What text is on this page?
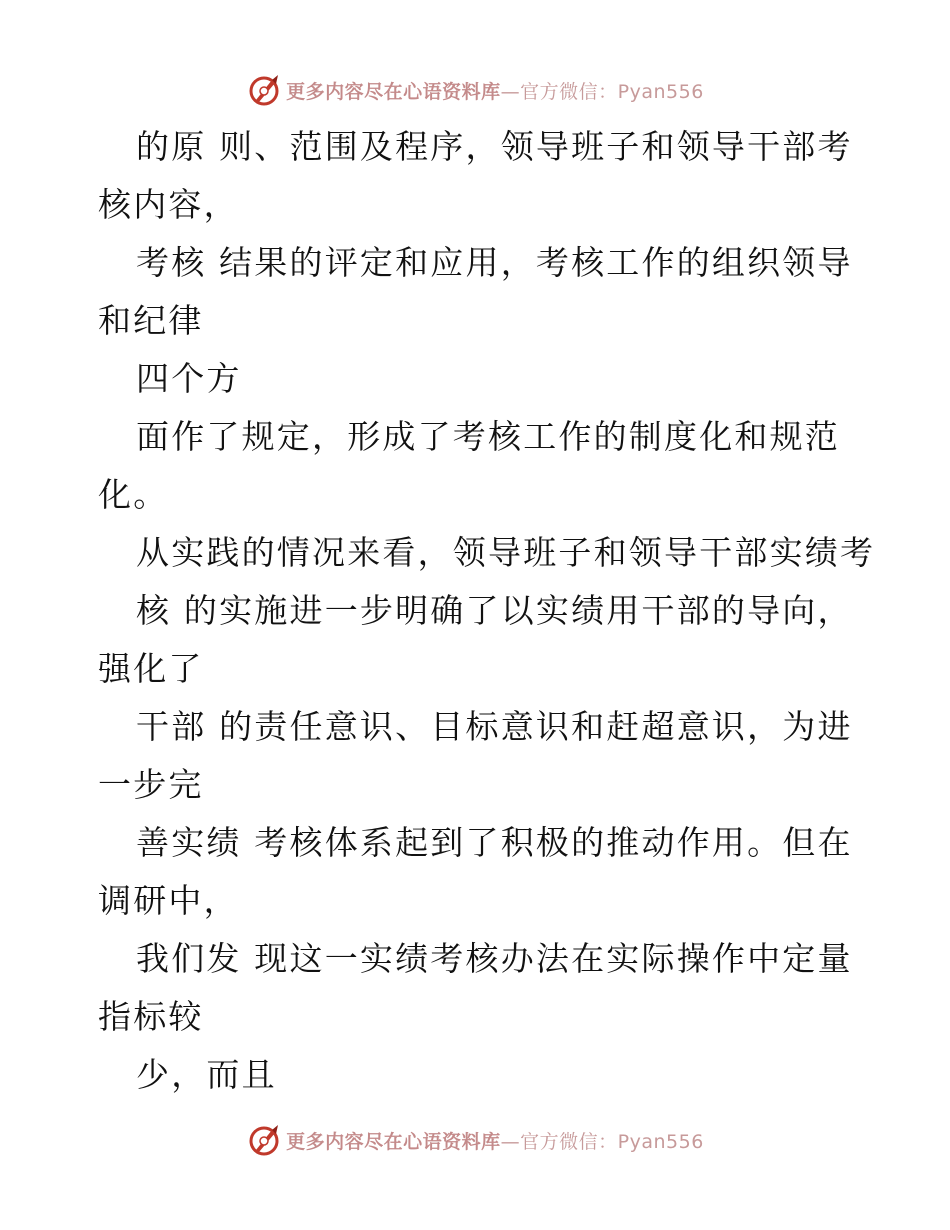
更多内容尽在心语资料库—官方微信：Pyan556
的原 则、范围及程序，领导班子和领导干部考
核内容，
考核 结果的评定和应用，考核工作的组织领导
和纪律
四个方
面作了规定，形成了考核工作的制度化和规范
化。
从实践的情况来看，领导班子和领导干部实绩考
核 的实施进一步明确了以实绩用干部的导向，
强化了
干部 的责任意识、目标意识和赶超意识，为进
一步完
善实绩 考核体系起到了积极的推动作用。但在
调研中，
我们发 现这一实绩考核办法在实际操作中定量
指标较
少，而且
更多内容尽在心语资料库—官方微信：Pyan556
